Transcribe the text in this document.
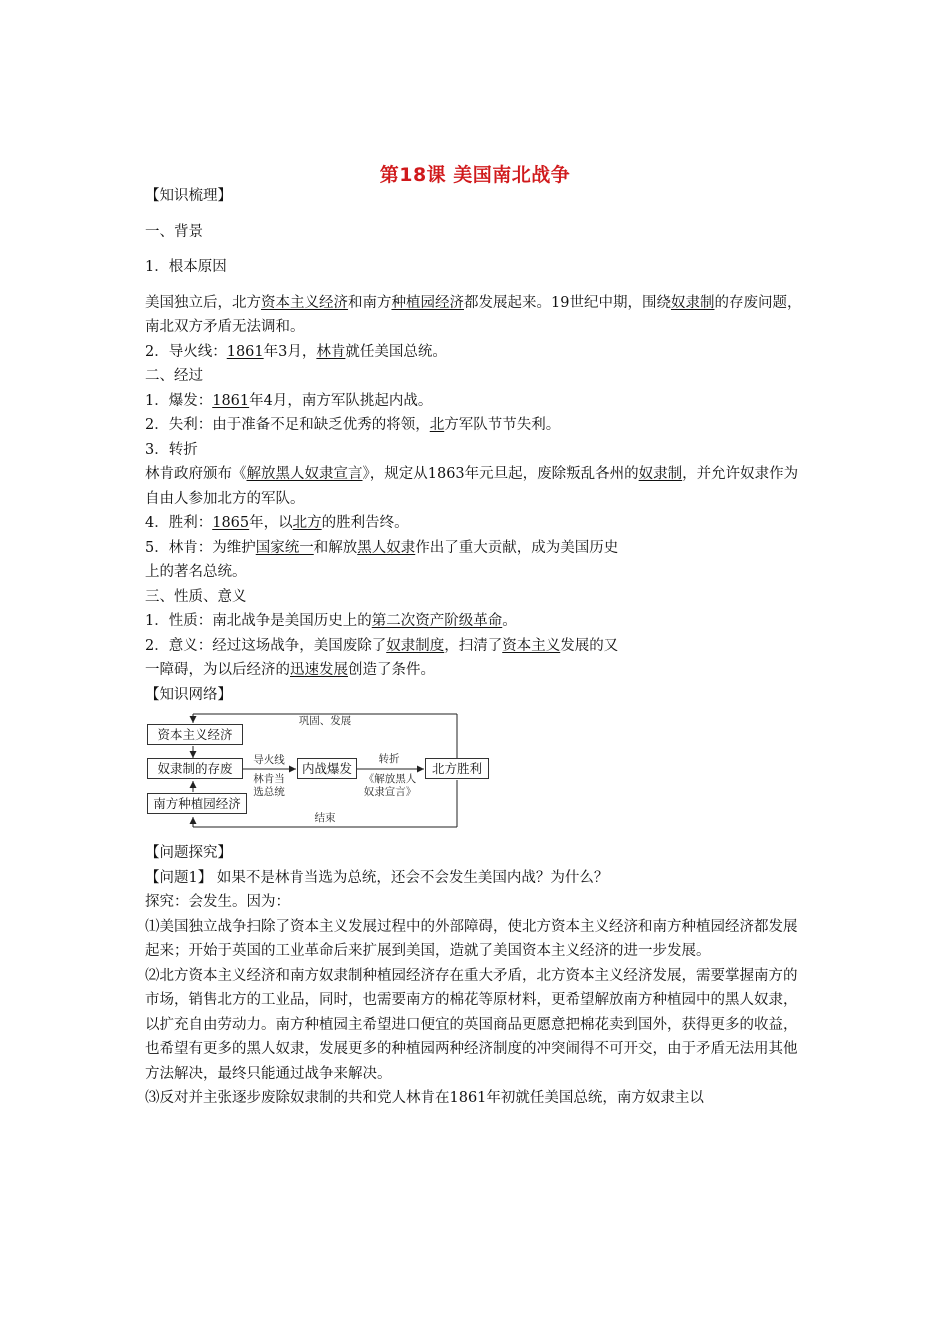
第18课 美国南北战争

【知识梳理】

一、背景

1．根本原因

美国独立后，北方资本主义经济和南方种植园经济都发展起来。19世纪中期，围绕奴隶制的存废问题，南北双方矛盾无法调和。

2．导火线：1861年3月，林肯就任美国总统。

二、经过

1．爆发：1861年4月，南方军队挑起内战。

2．失利：由于准备不足和缺乏优秀的将领，北方军队节节失利。

3．转折

林肯政府颁布《解放黑人奴隶宣言》，规定从1863年元旦起，废除叛乱各州的奴隶制，并允许奴隶作为自由人参加北方的军队。

4．胜利：1865年，以北方的胜利告终。

5．林肯：为维护国家统一和解放黑人奴隶作出了重大贡献，成为美国历史

上的著名总统。

三、性质、意义

1．性质：南北战争是美国历史上的第二次资产阶级革命。

2．意义：经过这场战争，美国废除了奴隶制度，扫清了资本主义发展的又

一障碍，为以后经济的迅速发展创造了条件。

【知识网络】

资本主义经济
奴隶制的存废
南方种植园经济
内战爆发	北方胜利
巩固、发展
导火线
林肯当
选总统
转折
《解放黑人
奴隶宣言》
结束

【问题探究】

【问题1】 如果不是林肯当选为总统，还会不会发生美国内战？为什么？

探究：会发生。因为：

⑴美国独立战争扫除了资本主义发展过程中的外部障碍，使北方资本主义经济和南方种植园经济都发展起来；开始于英国的工业革命后来扩展到美国，造就了美国资本主义经济的进一步发展。

⑵北方资本主义经济和南方奴隶制种植园经济存在重大矛盾，北方资本主义经济发展，需要掌握南方的市场，销售北方的工业品，同时，也需要南方的棉花等原材料，更希望解放南方种植园中的黑人奴隶，以扩充自由劳动力。南方种植园主希望进口便宜的英国商品更愿意把棉花卖到国外，获得更多的收益，也希望有更多的黑人奴隶，发展更多的种植园两种经济制度的冲突闹得不可开交，由于矛盾无法用其他方法解决，最终只能通过战争来解决。

⑶反对并主张逐步废除奴隶制的共和党人林肯在1861年初就任美国总统，南方奴隶主以
